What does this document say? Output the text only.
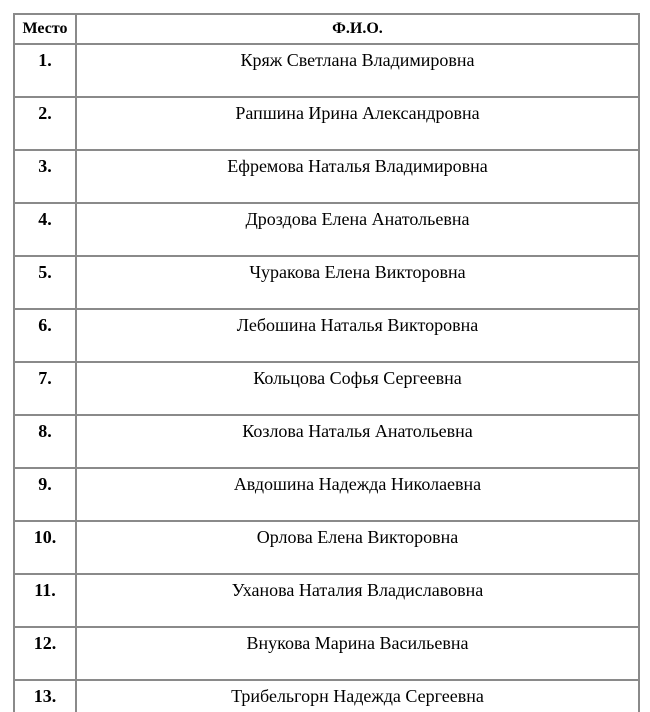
Место	Ф.И.О.
1.	Кряж Светлана Владимировна
2.	Рапшина Ирина Александровна
3.	Ефремова Наталья Владимировна
4.	Дроздова Елена Анатольевна
5.	Чуракова Елена Викторовна
6.	Лебошина Наталья Викторовна
7.	Кольцова Софья Сергеевна
8.	Козлова Наталья Анатольевна
9.	Авдошина Надежда Николаевна
10.	Орлова Елена Викторовна
11.	Уханова Наталия Владиславовна
12.	Внукова Марина Васильевна
13.	Трибельгорн Надежда Сергеевна
